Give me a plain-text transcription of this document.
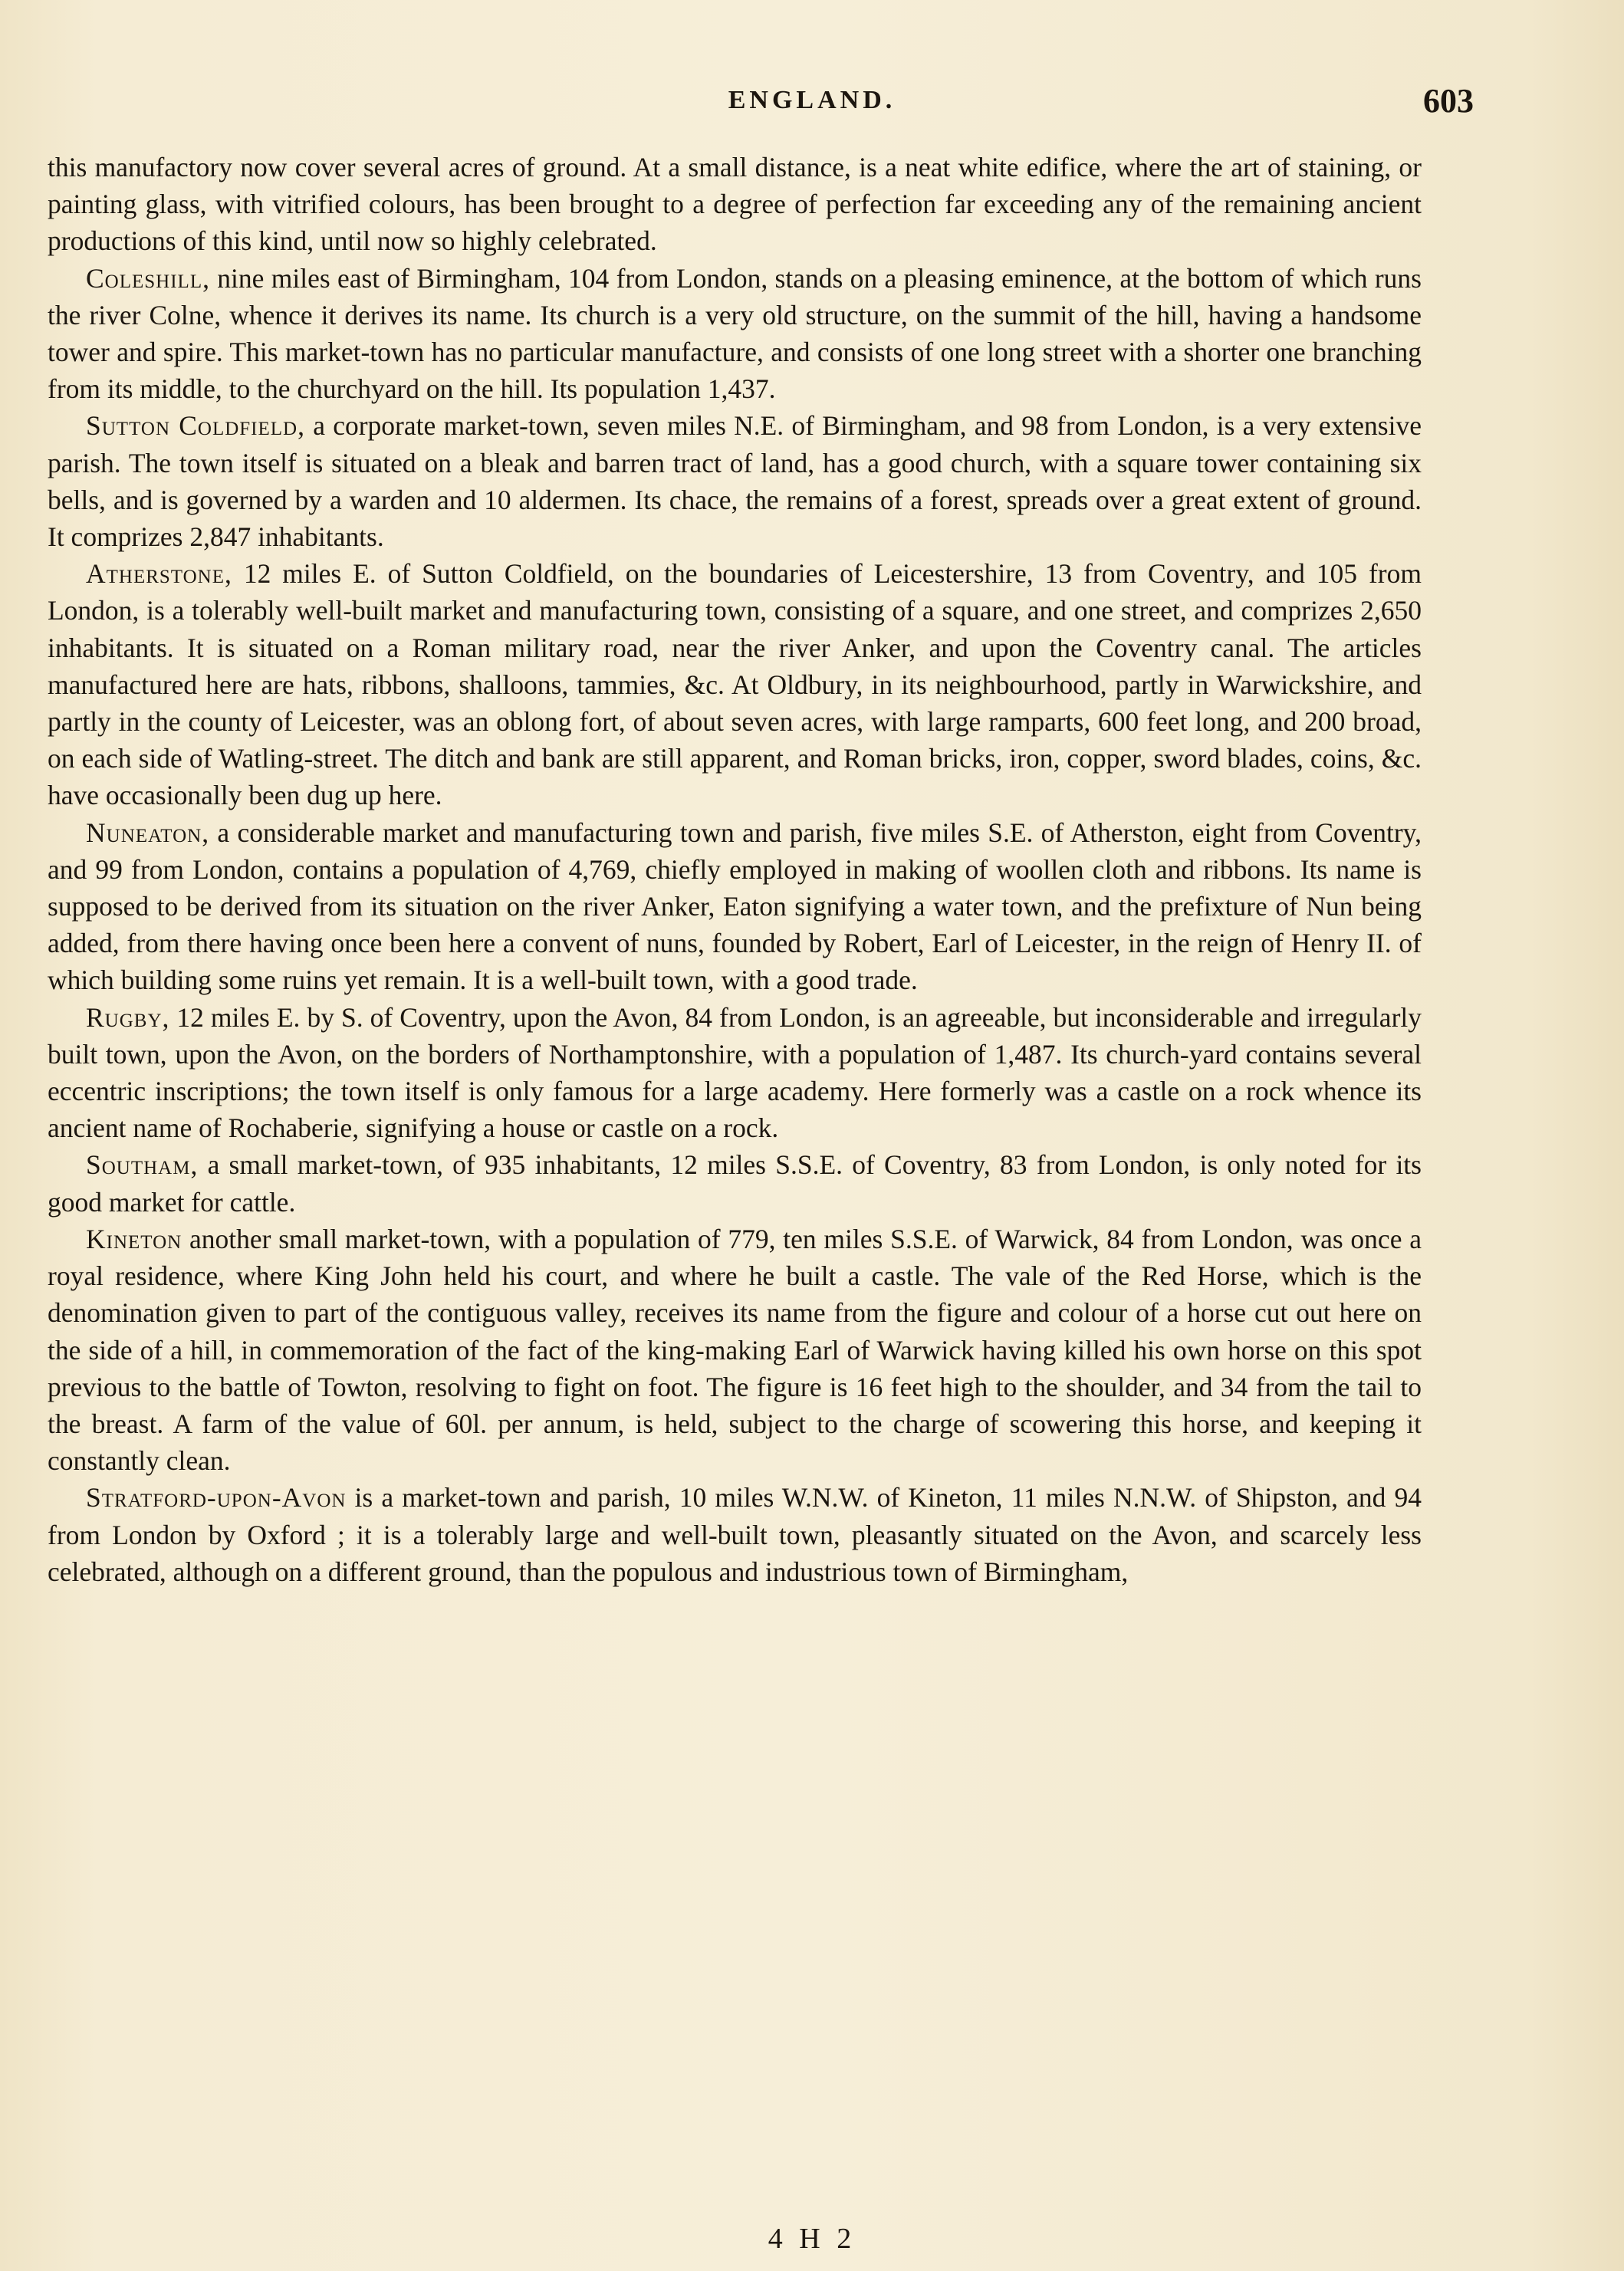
ENGLAND.	603

this manufactory now cover several acres of ground. At a small distance, is a neat white edifice, where the art of staining, or painting glass, with vitrified colours, has been brought to a degree of perfection far exceeding any of the remaining ancient productions of this kind, until now so highly celebrated.

Coleshill, nine miles east of Birmingham, 104 from London, stands on a pleasing eminence, at the bottom of which runs the river Colne, whence it derives its name. Its church is a very old structure, on the summit of the hill, having a handsome tower and spire. This market-town has no particular manufacture, and consists of one long street with a shorter one branching from its middle, to the churchyard on the hill. Its population 1,437.

Sutton Coldfield, a corporate market-town, seven miles N.E. of Birmingham, and 98 from London, is a very extensive parish. The town itself is situated on a bleak and barren tract of land, has a good church, with a square tower containing six bells, and is governed by a warden and 10 aldermen. Its chace, the remains of a forest, spreads over a great extent of ground. It comprizes 2,847 inhabitants.

Atherstone, 12 miles E. of Sutton Coldfield, on the boundaries of Leicestershire, 13 from Coventry, and 105 from London, is a tolerably well-built market and manufacturing town, consisting of a square, and one street, and comprizes 2,650 inhabitants. It is situated on a Roman military road, near the river Anker, and upon the Coventry canal. The articles manufactured here are hats, ribbons, shalloons, tammies, &c. At Oldbury, in its neighbourhood, partly in Warwickshire, and partly in the county of Leicester, was an oblong fort, of about seven acres, with large ramparts, 600 feet long, and 200 broad, on each side of Watling-street. The ditch and bank are still apparent, and Roman bricks, iron, copper, sword blades, coins, &c. have occasionally been dug up here.

Nuneaton, a considerable market and manufacturing town and parish, five miles S.E. of Atherston, eight from Coventry, and 99 from London, contains a population of 4,769, chiefly employed in making of woollen cloth and ribbons. Its name is supposed to be derived from its situation on the river Anker, Eaton signifying a water town, and the prefixture of Nun being added, from there having once been here a convent of nuns, founded by Robert, Earl of Leicester, in the reign of Henry II. of which building some ruins yet remain. It is a well-built town, with a good trade.

Rugby, 12 miles E. by S. of Coventry, upon the Avon, 84 from London, is an agreeable, but inconsiderable and irregularly built town, upon the Avon, on the borders of Northamptonshire, with a population of 1,487. Its church-yard contains several eccentric inscriptions; the town itself is only famous for a large academy. Here formerly was a castle on a rock whence its ancient name of Rochaberie, signifying a house or castle on a rock.

Southam, a small market-town, of 935 inhabitants, 12 miles S.S.E. of Coventry, 83 from London, is only noted for its good market for cattle.

Kineton another small market-town, with a population of 779, ten miles S.S.E. of Warwick, 84 from London, was once a royal residence, where King John held his court, and where he built a castle. The vale of the Red Horse, which is the denomination given to part of the contiguous valley, receives its name from the figure and colour of a horse cut out here on the side of a hill, in commemoration of the fact of the king-making Earl of Warwick having killed his own horse on this spot previous to the battle of Towton, resolving to fight on foot. The figure is 16 feet high to the shoulder, and 34 from the tail to the breast. A farm of the value of 60l. per annum, is held, subject to the charge of scowering this horse, and keeping it constantly clean.

Stratford-upon-Avon is a market-town and parish, 10 miles W.N.W. of Kineton, 11 miles N.N.W. of Shipston, and 94 from London by Oxford ; it is a tolerably large and well-built town, pleasantly situated on the Avon, and scarcely less celebrated, although on a different ground, than the populous and industrious town of Birmingham,

4 H 2
